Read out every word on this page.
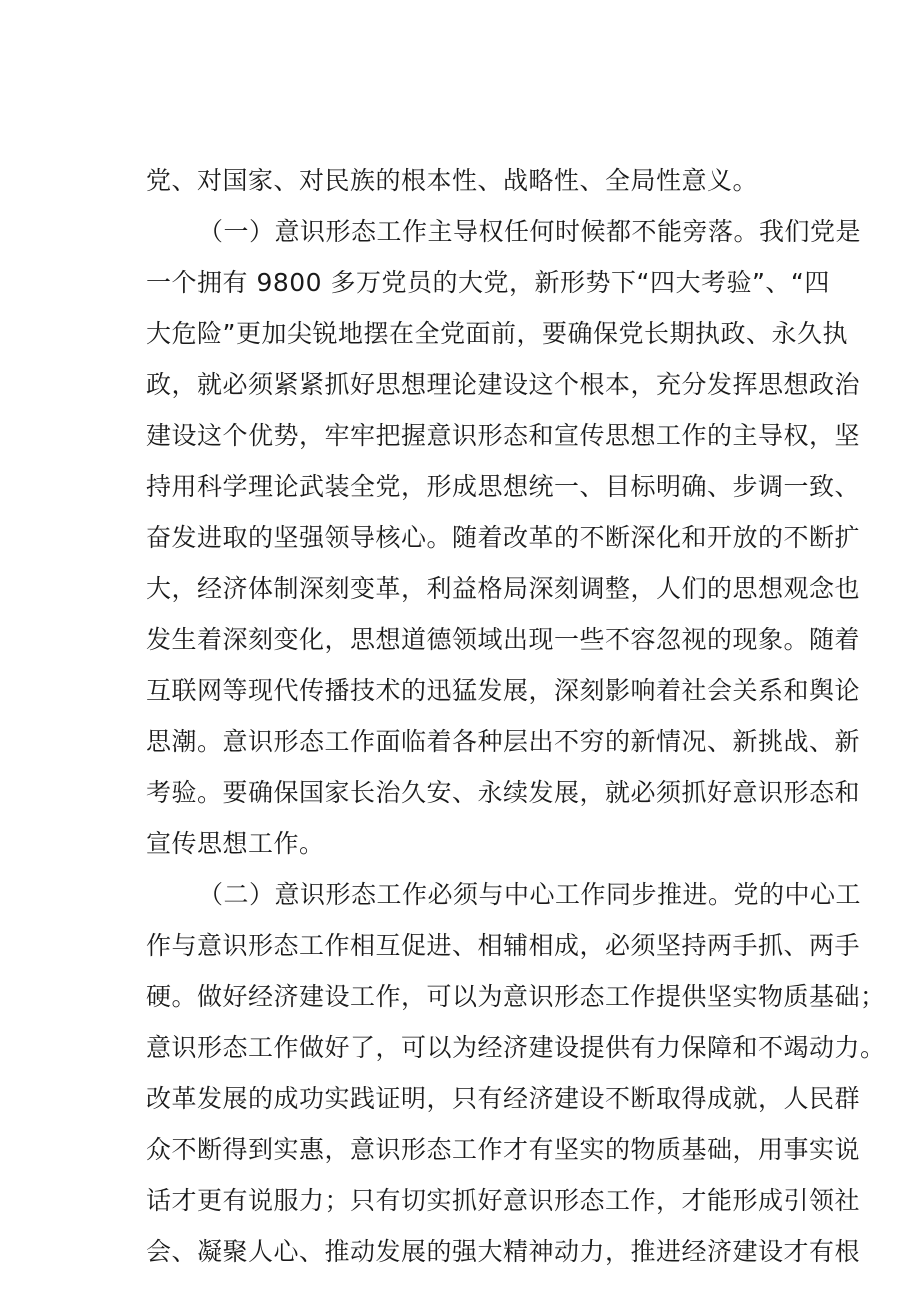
党、对国家、对民族的根本性、战略性、全局性意义。
（一）意识形态工作主导权任何时候都不能旁落。我们党是
一个拥有 9800 多万党员的大党，新形势下“四大考验”、“四
大危险”更加尖锐地摆在全党面前，要确保党长期执政、永久执
政，就必须紧紧抓好思想理论建设这个根本，充分发挥思想政治
建设这个优势，牢牢把握意识形态和宣传思想工作的主导权，坚
持用科学理论武装全党，形成思想统一、目标明确、步调一致、
奋发进取的坚强领导核心。随着改革的不断深化和开放的不断扩
大，经济体制深刻变革，利益格局深刻调整，人们的思想观念也
发生着深刻变化，思想道德领域出现一些不容忽视的现象。随着
互联网等现代传播技术的迅猛发展，深刻影响着社会关系和舆论
思潮。意识形态工作面临着各种层出不穷的新情况、新挑战、新
考验。要确保国家长治久安、永续发展，就必须抓好意识形态和
宣传思想工作。
（二）意识形态工作必须与中心工作同步推进。党的中心工
作与意识形态工作相互促进、相辅相成，必须坚持两手抓、两手
硬。做好经济建设工作，可以为意识形态工作提供坚实物质基础；
意识形态工作做好了，可以为经济建设提供有力保障和不竭动力。
改革发展的成功实践证明，只有经济建设不断取得成就，人民群
众不断得到实惠，意识形态工作才有坚实的物质基础，用事实说
话才更有说服力；只有切实抓好意识形态工作，才能形成引领社
会、凝聚人心、推动发展的强大精神动力，推进经济建设才有根
